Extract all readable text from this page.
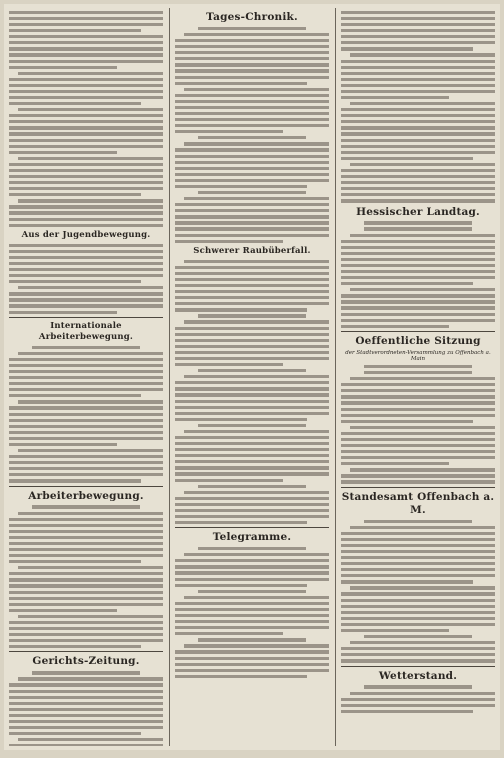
Aus der Jugendbewegung.
Internationale Arbeiterbewegung.
Arbeiterbewegung.
Gerichts-Zeitung.
Tages-Chronik.
Schwerer Raubüberfall.
Telegramme.
Hessischer Landtag.
Oeffentliche Sitzung
der Stadtverordneten-Versammlung zu Offenbach a. Main
Standesamt Offenbach a. M.
Wetterstand.
